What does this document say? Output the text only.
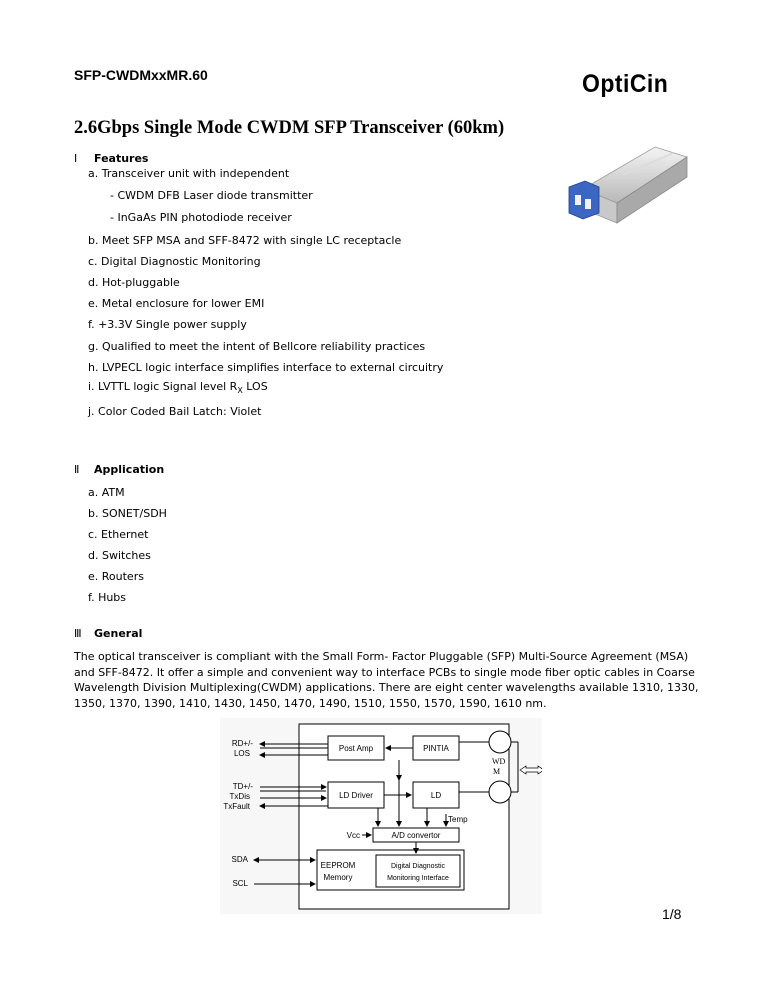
SFP-CWDMxxMR.60	OptiCin
2.6Gbps Single Mode CWDM SFP Transceiver (60km)
Ⅰ Features
a. Transceiver unit with independent
- CWDM DFB Laser diode transmitter
- InGaAs PIN photodiode receiver
b. Meet SFP MSA and SFF-8472 with single LC receptacle
c. Digital Diagnostic Monitoring
d. Hot-pluggable
e. Metal enclosure for lower EMI
f. +3.3V Single power supply
g. Qualified to meet the intent of Bellcore reliability practices
h. LVPECL logic interface simplifies interface to external circuitry
i. LVTTL logic Signal level $R_X$ LOS
j. Color Coded Bail Latch: Violet
Ⅱ Application
a. ATM
b. SONET/SDH
c. Ethernet
d. Switches
e. Routers
f. Hubs
Ⅲ General
The optical transceiver is compliant with the Small Form- Factor Pluggable (SFP) Multi-Source Agreement (MSA) and SFF-8472. It offer a simple and convenient way to interface PCBs to single mode fiber optic cables in Coarse Wavelength Division Multiplexing(CWDM) applications. There are eight center wavelengths available 1310, 1330, 1350, 1370, 1390, 1410, 1430, 1450, 1470, 1490, 1510, 1550, 1570, 1590, 1610 nm.
RD+/-
LOS
TD+/-
TxDis
TxFault
SDA
SCL
Post Amp	PINTIA
LD Driver	LD
Temp
A/D convertor
Vcc
EEPROM
Memory
Digital Diagnostic
Monitoring Interface
WD
M
1/8
